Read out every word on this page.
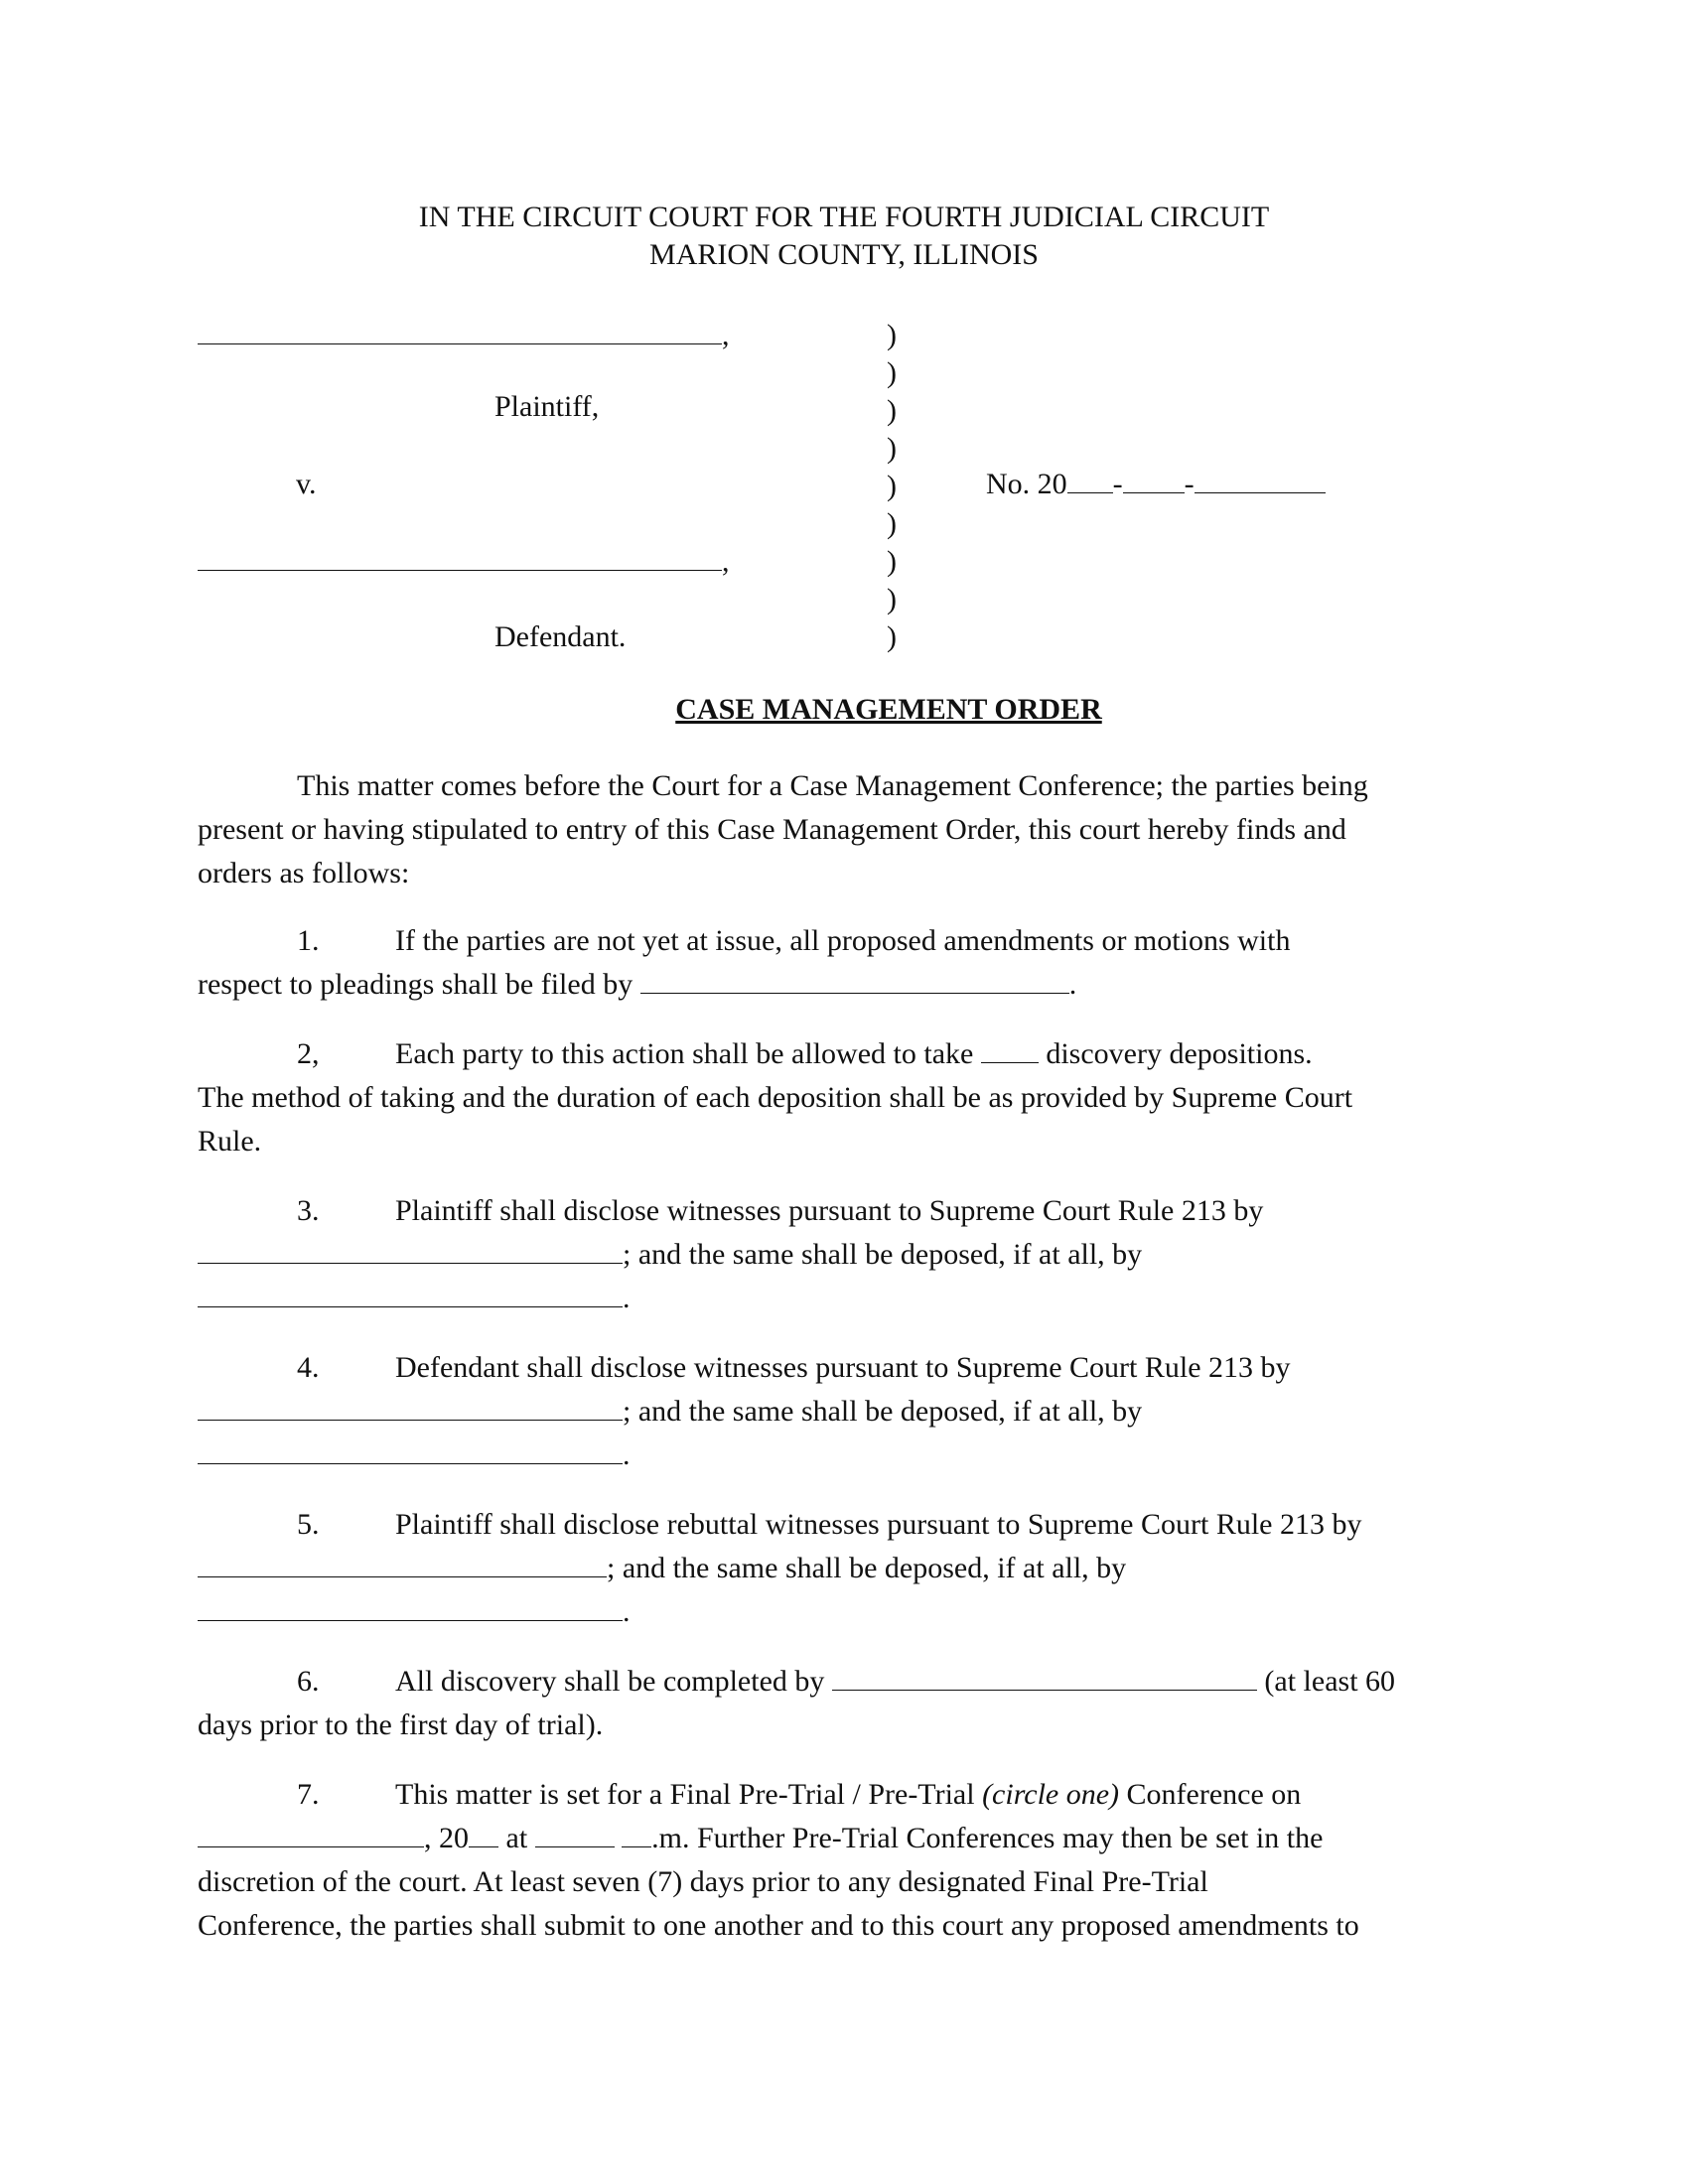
IN THE CIRCUIT COURT FOR THE FOURTH JUDICIAL CIRCUIT
MARION COUNTY, ILLINOIS
,
Plaintiff,
v.
,
Defendant.
)
)
)
)
)
)
)
)
)
No. 20 - -
CASE MANAGEMENT ORDER

This matter comes before the Court for a Case Management Conference; the parties being

present or having stipulated to entry of this Case Management Order, this court hereby finds and

orders as follows:

1.	If the parties are not yet at issue, all proposed amendments or motions with

respect to pleadings shall be filed by	.

2,	Each party to this action shall be allowed to take discovery depositions.

The method of taking and the duration of each deposition shall be as provided by Supreme Court

Rule.

3.	Plaintiff shall disclose witnesses pursuant to Supreme Court Rule 213 by

; and the same shall be deposed, if at all, by

.

4.	Defendant shall disclose witnesses pursuant to Supreme Court Rule 213 by

; and the same shall be deposed, if at all, by

.

5.	Plaintiff shall disclose rebuttal witnesses pursuant to Supreme Court Rule 213 by

; and the same shall be deposed, if at all, by

.

6.	All discovery shall be completed by	(at least 60

days prior to the first day of trial).

7.	This matter is set for a Final Pre-Trial / Pre-Trial (circle one) Conference on

, 20 at	.m. Further Pre-Trial Conferences may then be set in the

discretion of the court. At least seven (7) days prior to any designated Final Pre-Trial

Conference, the parties shall submit to one another and to this court any proposed amendments to
